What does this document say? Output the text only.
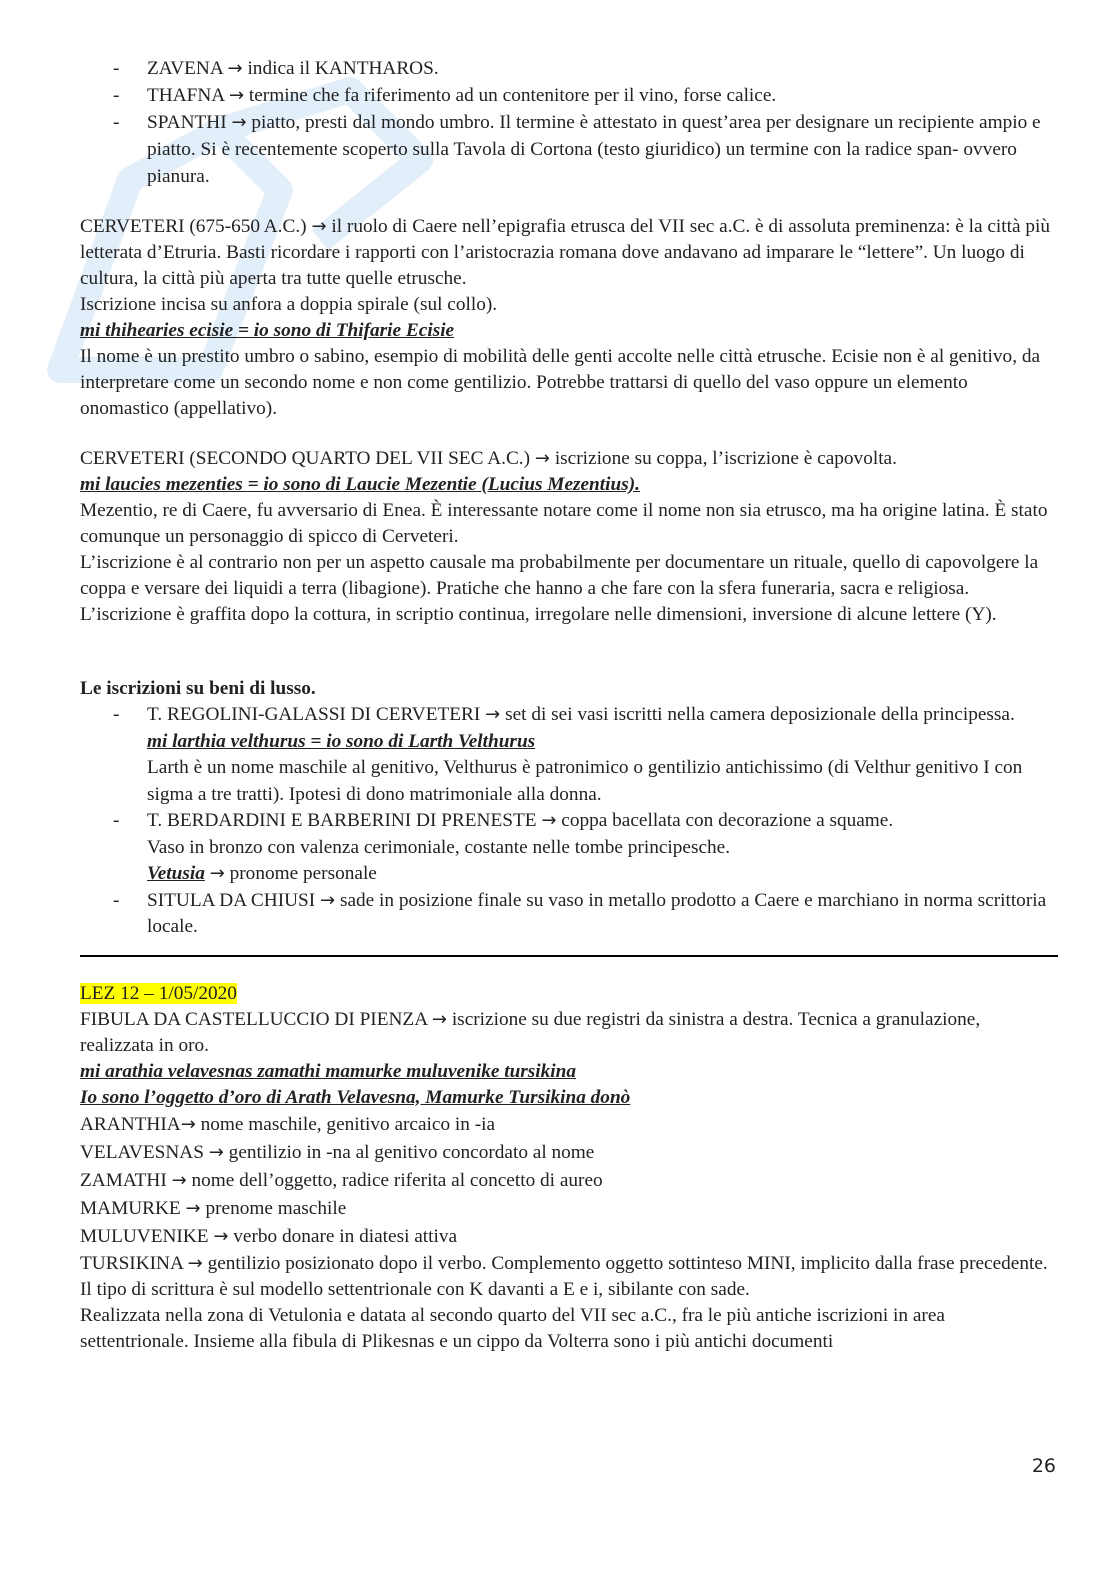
- ZAVENA → indica il KANTHAROS.
- THAFNA → termine che fa riferimento ad un contenitore per il vino, forse calice.
- SPANTHI → piatto, presti dal mondo umbro. Il termine è attestato in quest’area per designare un recipiente ampio e piatto. Si è recentemente scoperto sulla Tavola di Cortona (testo giuridico) un termine con la radice span- ovvero pianura.

CERVETERI (675-650 A.C.) → il ruolo di Caere nell’epigrafia etrusca del VII sec a.C. è di assoluta preminenza: è la città più letterata d’Etruria. Basti ricordare i rapporti con l’aristocrazia romana dove andavano ad imparare le “lettere”. Un luogo di cultura, la città più aperta tra tutte quelle etrusche.

Iscrizione incisa su anfora a doppia spirale (sul collo).

mi thihearies ecisie = io sono di Thifarie Ecisie

Il nome è un prestito umbro o sabino, esempio di mobilità delle genti accolte nelle città etrusche. Ecisie non è al genitivo, da interpretare come un secondo nome e non come gentilizio. Potrebbe trattarsi di quello del vaso oppure un elemento onomastico (appellativo).

CERVETERI (SECONDO QUARTO DEL VII SEC A.C.) → iscrizione su coppa, l’iscrizione è capovolta.

mi laucies mezenties = io sono di Laucie Mezentie (Lucius Mezentius).

Mezentio, re di Caere, fu avversario di Enea. È interessante notare come il nome non sia etrusco, ma ha origine latina. È stato comunque un personaggio di spicco di Cerveteri.

L’iscrizione è al contrario non per un aspetto causale ma probabilmente per documentare un rituale, quello di capovolgere la coppa e versare dei liquidi a terra (libagione). Pratiche che hanno a che fare con la sfera funeraria, sacra e religiosa. L’iscrizione è graffita dopo la cottura, in scriptio continua, irregolare nelle dimensioni, inversione di alcune lettere (Y).

Le iscrizioni su beni di lusso.

- T. REGOLINI-GALASSI DI CERVETERI → set di sei vasi iscritti nella camera deposizionale della principessa.
mi larthia velthurus = io sono di Larth Velthurus
Larth è un nome maschile al genitivo, Velthurus è patronimico o gentilizio antichissimo (di Velthur genitivo I con sigma a tre tratti). Ipotesi di dono matrimoniale alla donna.
- T. BERDARDINI E BARBERINI DI PRENESTE → coppa bacellata con decorazione a squame.
Vaso in bronzo con valenza cerimoniale, costante nelle tombe principesche.
Vetusia → pronome personale
- SITULA DA CHIUSI → sade in posizione finale su vaso in metallo prodotto a Caere e marchiano in norma scrittoria locale.

LEZ 12 – 1/05/2020

FIBULA DA CASTELLUCCIO DI PIENZA → iscrizione su due registri da sinistra a destra. Tecnica a granulazione, realizzata in oro.

mi arathia velavesnas zamathi mamurke muluvenike tursikina

Io sono l’oggetto d’oro di Arath Velavesna, Mamurke Tursikina donò

ARANTHIA→ nome maschile, genitivo arcaico in -ia

VELAVESNAS → gentilizio in -na al genitivo concordato al nome

ZAMATHI → nome dell’oggetto, radice riferita al concetto di aureo

MAMURKE → prenome maschile

MULUVENIKE → verbo donare in diatesi attiva

TURSIKINA → gentilizio posizionato dopo il verbo. Complemento oggetto sottinteso MINI, implicito dalla frase precedente.

Il tipo di scrittura è sul modello settentrionale con K davanti a E e i, sibilante con sade.

Realizzata nella zona di Vetulonia e datata al secondo quarto del VII sec a.C., fra le più antiche iscrizioni in area settentrionale. Insieme alla fibula di Plikesnas e un cippo da Volterra sono i più antichi documenti

26
